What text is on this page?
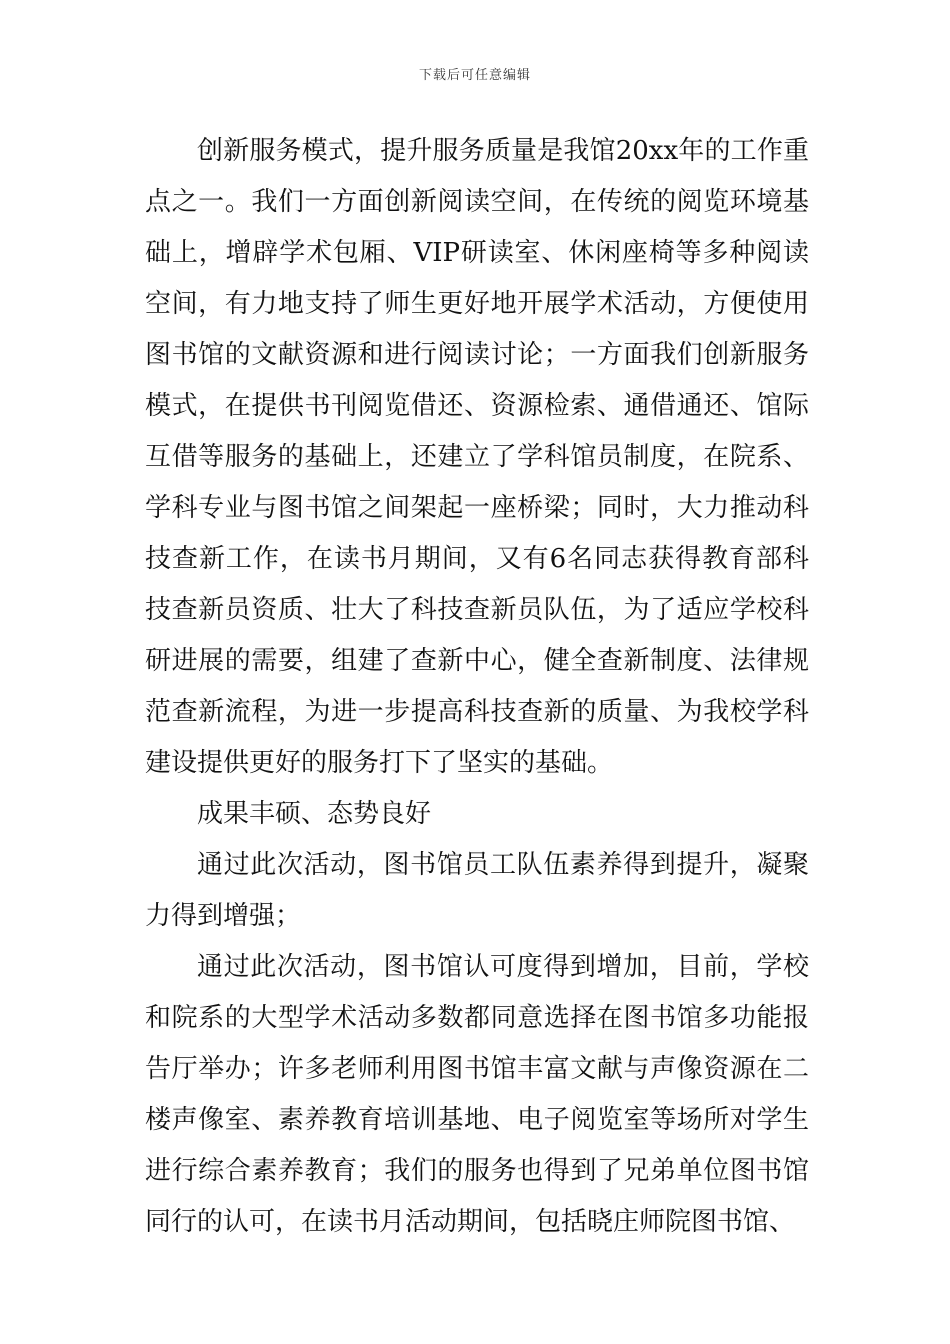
下载后可任意编辑

创新服务模式，提升服务质量是我馆20xx年的工作重点之一。我们一方面创新阅读空间，在传统的阅览环境基础上，增辟学术包厢、VIP研读室、休闲座椅等多种阅读空间，有力地支持了师生更好地开展学术活动，方便使用图书馆的文献资源和进行阅读讨论；一方面我们创新服务模式，在提供书刊阅览借还、资源检索、通借通还、馆际互借等服务的基础上，还建立了学科馆员制度，在院系、学科专业与图书馆之间架起一座桥梁；同时，大力推动科技查新工作，在读书月期间，又有6名同志获得教育部科技查新员资质、壮大了科技查新员队伍，为了适应学校科研进展的需要，组建了查新中心，健全查新制度、法律规范查新流程，为进一步提高科技查新的质量、为我校学科建设提供更好的服务打下了坚实的基础。

成果丰硕、态势良好

通过此次活动，图书馆员工队伍素养得到提升，凝聚力得到增强；

通过此次活动，图书馆认可度得到增加，目前，学校和院系的大型学术活动多数都同意选择在图书馆多功能报告厅举办；许多老师利用图书馆丰富文献与声像资源在二楼声像室、素养教育培训基地、电子阅览室等场所对学生进行综合素养教育；我们的服务也得到了兄弟单位图书馆同行的认可，在读书月活动期间，包括晓庄师院图书馆、
